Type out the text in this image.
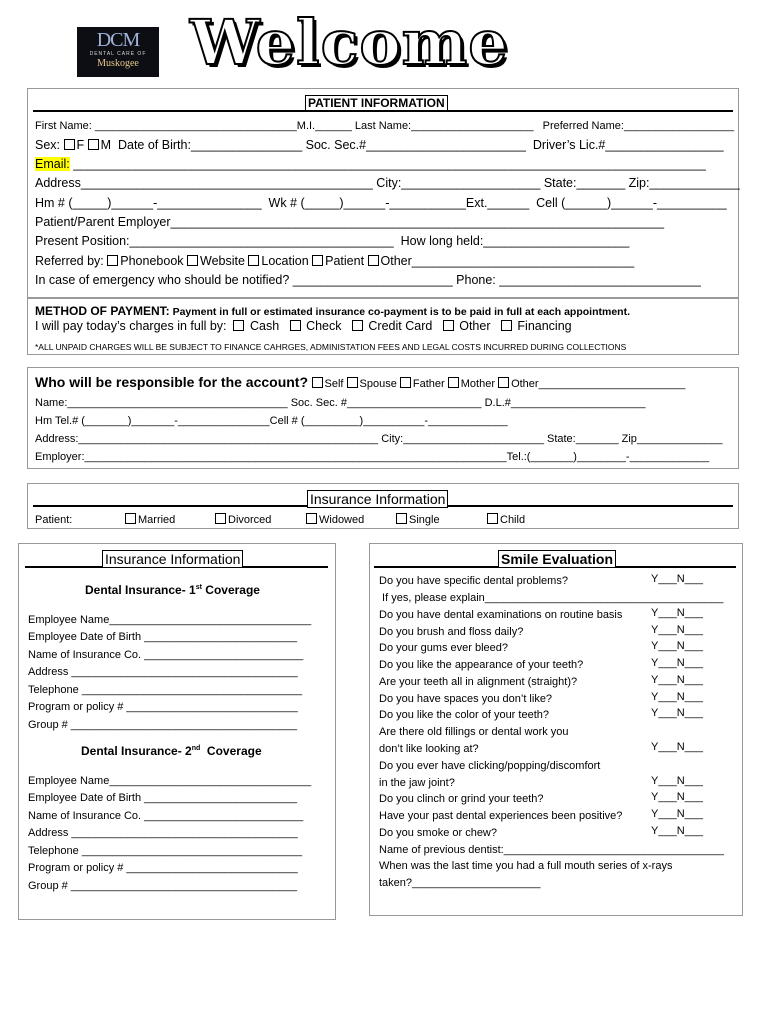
DCM
DENTAL CARE OF
Muskogee Welcome
PATIENT INFORMATION
First Name: _________________________________M.I.______ Last Name:____________________   Preferred Name:__________________
Sex: F M  Date of Birth:________________ Soc. Sec.#_______________________  Driver’s Lic.#_________________
Email: ___________________________________________________________________________________________
Address__________________________________________ City:____________________ State:_______ Zip:_____________
Hm # (_____)______-_______________  Wk # (_____)______-___________Ext.______  Cell (______)______-__________
Patient/Parent Employer_______________________________________________________________________
Present Position:______________________________________  How long held:_____________________
Referred by: Phonebook Website Location Patient Other________________________________
In case of emergency who should be notified? _______________________ Phone: _____________________________
METHOD OF PAYMENT: Payment in full or estimated insurance co-payment is to be paid in full at each appointment.
I will pay today’s charges in full by: Cash Check Credit Card Other Financing
*ALL UNPAID CHARGES WILL BE SUBJECT TO FINANCE CAHRGES, ADMINISTATION FEES AND LEGAL COSTS INCURRED DURING COLLECTIONS
Who will be responsible for the account? Self Spouse Father Mother Other________________________
Name:____________________________________ Soc. Sec. #______________________ D.L.#______________________
Hm Tel.# (_______)_______-_______________Cell # (_________)__________-_____________
Address:_________________________________________________ City:_______________________ State:_______ Zip______________
Employer:_____________________________________________________________________Tel.:(_______)________-_____________
Insurance Information
Patient:	Married	Divorced	Widowed	Single	Child
Insurance Information
Dental Insurance- 1st Coverage
Employee Name_________________________________
Employee Date of Birth _________________________
Name of Insurance Co. __________________________
Address _____________________________________
Telephone ____________________________________
Program or policy # ____________________________
Group # _____________________________________
Dental Insurance- 2nd  Coverage
Employee Name_________________________________
Employee Date of Birth _________________________
Name of Insurance Co. __________________________
Address _____________________________________
Telephone ____________________________________
Program or policy # ____________________________
Group # _____________________________________
Smile Evaluation
Do you have specific dental problems?	Y___N___
If yes, please explain_______________________________________
Do you have dental examinations on routine basis	Y___N___
Do you brush and floss daily?	Y___N___
Do your gums ever bleed?	Y___N___
Do you like the appearance of your teeth?	Y___N___
Are your teeth all in alignment (straight)?	Y___N___
Do you have spaces you don’t like?	Y___N___
Do you like the color of your teeth?	Y___N___
Are there old fillings or dental work you
don’t like looking at?	Y___N___
Do you ever have clicking/popping/discomfort
in the jaw joint?	Y___N___
Do you clinch or grind your teeth?	Y___N___
Have your past dental experiences been positive?	Y___N___
Do you smoke or chew?	Y___N___
Name of previous dentist:____________________________________
When was the last time you had a full mouth series of x-rays
taken?_____________________
